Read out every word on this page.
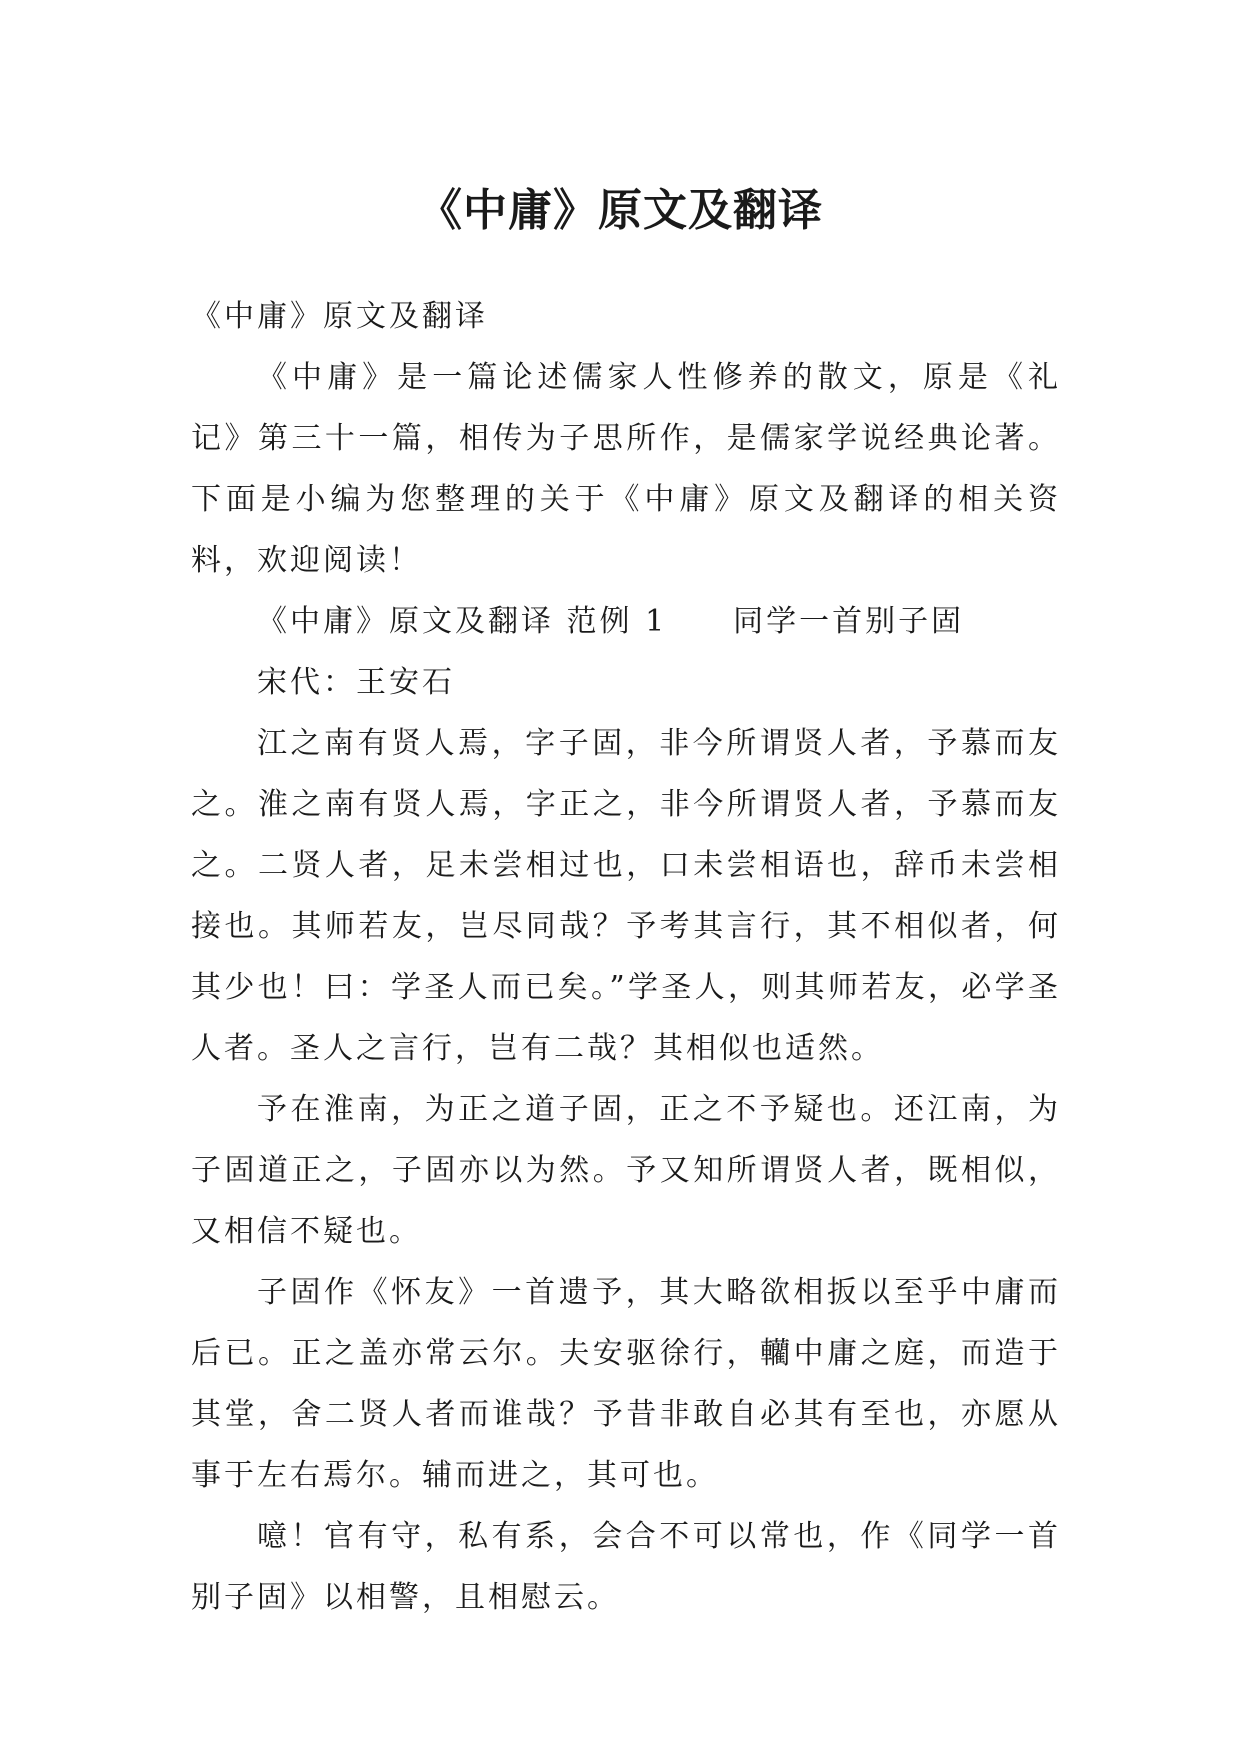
《中庸》原文及翻译

《中庸》原文及翻译

《中庸》是一篇论述儒家人性修养的散文，原是《礼记》第三十一篇，相传为子思所作，是儒家学说经典论著。下面是小编为您整理的关于《中庸》原文及翻译的相关资料，欢迎阅读！

《中庸》原文及翻译 范例 1　　同学一首别子固

宋代：王安石

江之南有贤人焉，字子固，非今所谓贤人者，予慕而友之。淮之南有贤人焉，字正之，非今所谓贤人者，予慕而友之。二贤人者，足未尝相过也，口未尝相语也，辞币未尝相接也。其师若友，岂尽同哉？予考其言行，其不相似者，何其少也！曰：学圣人而已矣。”学圣人，则其师若友，必学圣人者。圣人之言行，岂有二哉？其相似也适然。

予在淮南，为正之道子固，正之不予疑也。还江南，为子固道正之，子固亦以为然。予又知所谓贤人者，既相似，又相信不疑也。

子固作《怀友》一首遗予，其大略欲相扳以至乎中庸而后已。正之盖亦常云尔。夫安驱徐行，轥中庸之庭，而造于其堂，舍二贤人者而谁哉？予昔非敢自必其有至也，亦愿从事于左右焉尔。辅而进之，其可也。

噫！官有守，私有系，会合不可以常也，作《同学一首别子固》以相警，且相慰云。
